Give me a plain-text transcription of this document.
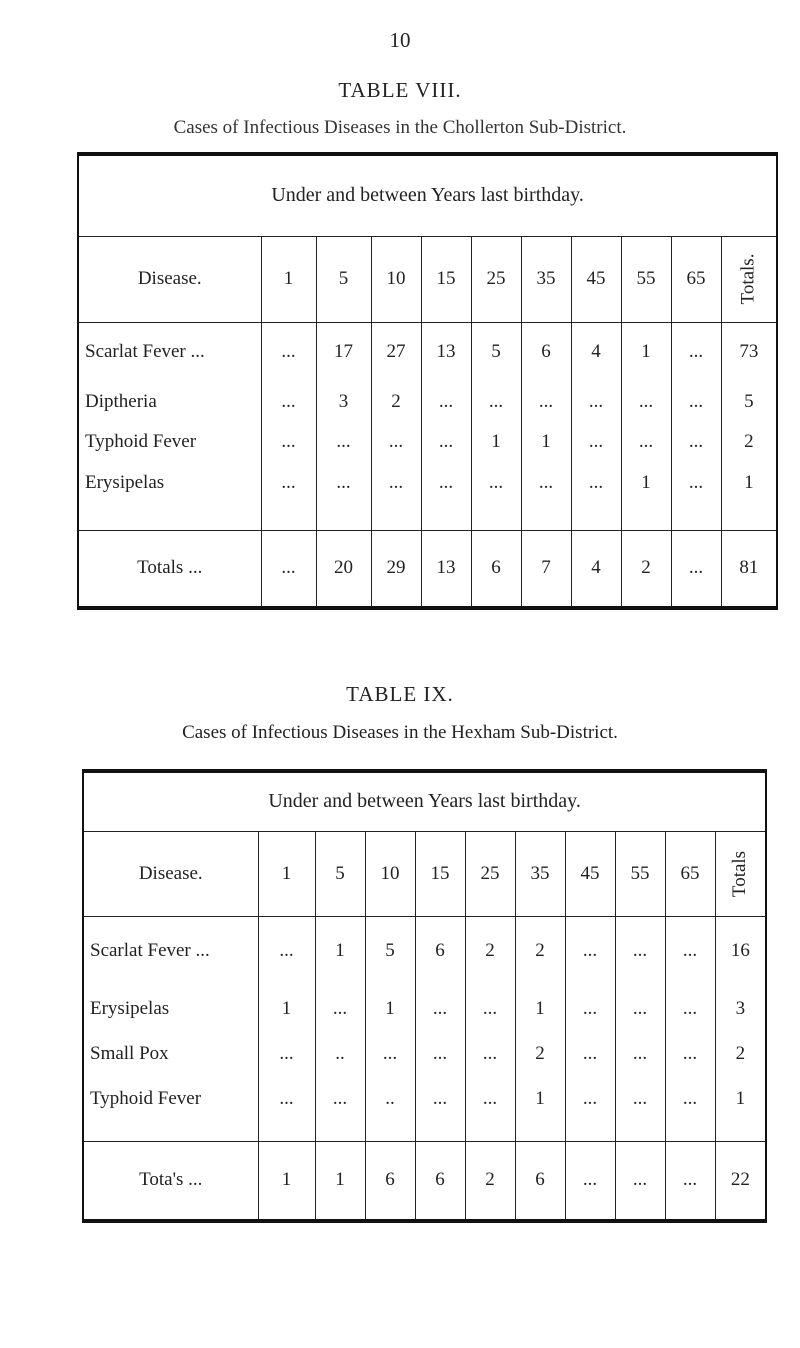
10
TABLE VIII.
Cases of Infectious Diseases in the Chollerton Sub-District.
Under and between Years last birthday.										
Disease.	1	5	10	15	25	35	45	55	65	Totals.
Scarlat Fever ...	...	17	27	13	5	6	4	1	...	73
Diptheria	...	3	2	...	...	...	...	...	...	5
Typhoid Fever	...	...	...	...	1	1	...	...	...	2
Erysipelas	...	...	...	...	...	...	...	1	...	1
Totals ...	...	20	29	13	6	7	4	2	...	81
TABLE IX.
Cases of Infectious Diseases in the Hexham Sub-District.
Under and between Years last birthday.										
Disease.	1	5	10	15	25	35	45	55	65	Totals
Scarlat Fever ...	...	1	5	6	2	2	...	...	...	16
Erysipelas	1	...	1	...	...	1	...	...	...	3
Small Pox	...	..	...	...	...	2	...	...	...	2
Typhoid Fever	...	...	..	...	...	1	...	...	...	1
Tota's ...	1	1	6	6	2	6	...	...	...	22
